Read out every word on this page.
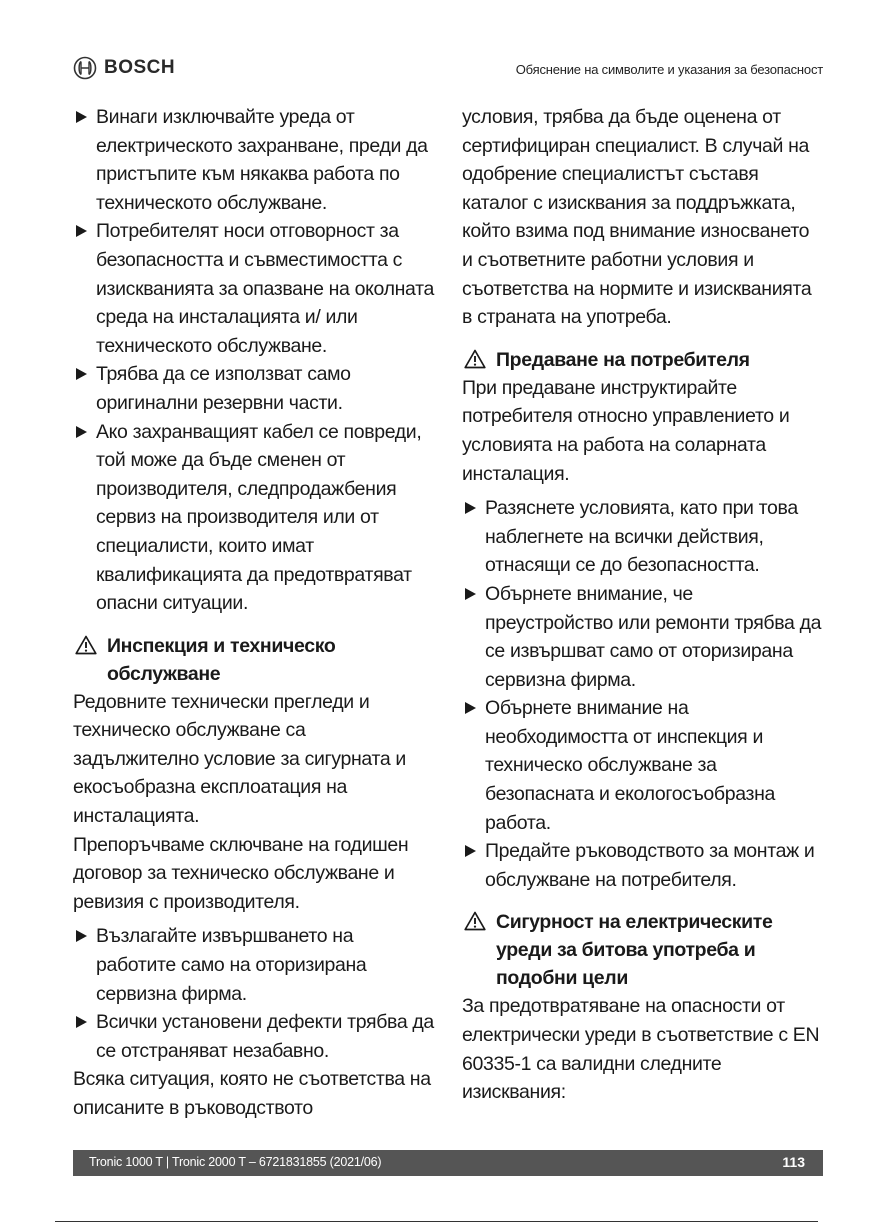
BOSCH	Обяснение на символите и указания за безопасност
Винаги изключвайте уреда от електрическото захранване, преди да пристъпите към някаква работа по техническото обслужване.
Потребителят носи отговорност за безопасността и съвместимостта с изискванията за опазване на околната среда на инсталацията и/ или техническото обслужване.
Трябва да се използват само оригинални резервни части.
Ако захранващият кабел се повреди, той може да бъде сменен от производителя, следпродажбения сервиз на производителя или от специалисти, които имат квалификацията да предотвратяват опасни ситуации.
Инспекция и техническо обслужване

Редовните технически прегледи и техническо обслужване са задължително условие за сигурната и екосъобразна експлоатация на инсталацията.

Препоръчваме сключване на годишен договор за техническо обслужване и ревизия с производителя.

Възлагайте извършването на работите само на оторизирана сервизна фирма.
Всички установени дефекти трябва да се отстраняват незабавно.

Всяка ситуация, която не съответства на описаните в ръководството

условия, трябва да бъде оценена от сертифициран специалист. В случай на одобрение специалистът съставя каталог с изисквания за поддръжката, който взима под внимание износването и съответните работни условия и съответства на нормите и изискванията в страната на употреба.

Предаване на потребителя

При предаване инструктирайте потребителя относно управлението и условията на работа на соларната инсталация.

Разяснете условията, като при това наблегнете на всички действия, отнасящи се до безопасността.
Обърнете внимание, че преустройство или ремонти трябва да се извършват само от оторизирана сервизна фирма.
Обърнете внимание на необходимостта от инспекция и техническо обслужване за безопасната и екологосъобразна работа.
Предайте ръководството за монтаж и обслужване на потребителя.
Сигурност на електрическите уреди за битова употреба и подобни цели

За предотвратяване на опасности от електрически уреди в съответствие с EN 60335-1 са валидни следните изисквания:

Tronic 1000 T | Tronic 2000 T – 6721831855 (2021/06)	113
